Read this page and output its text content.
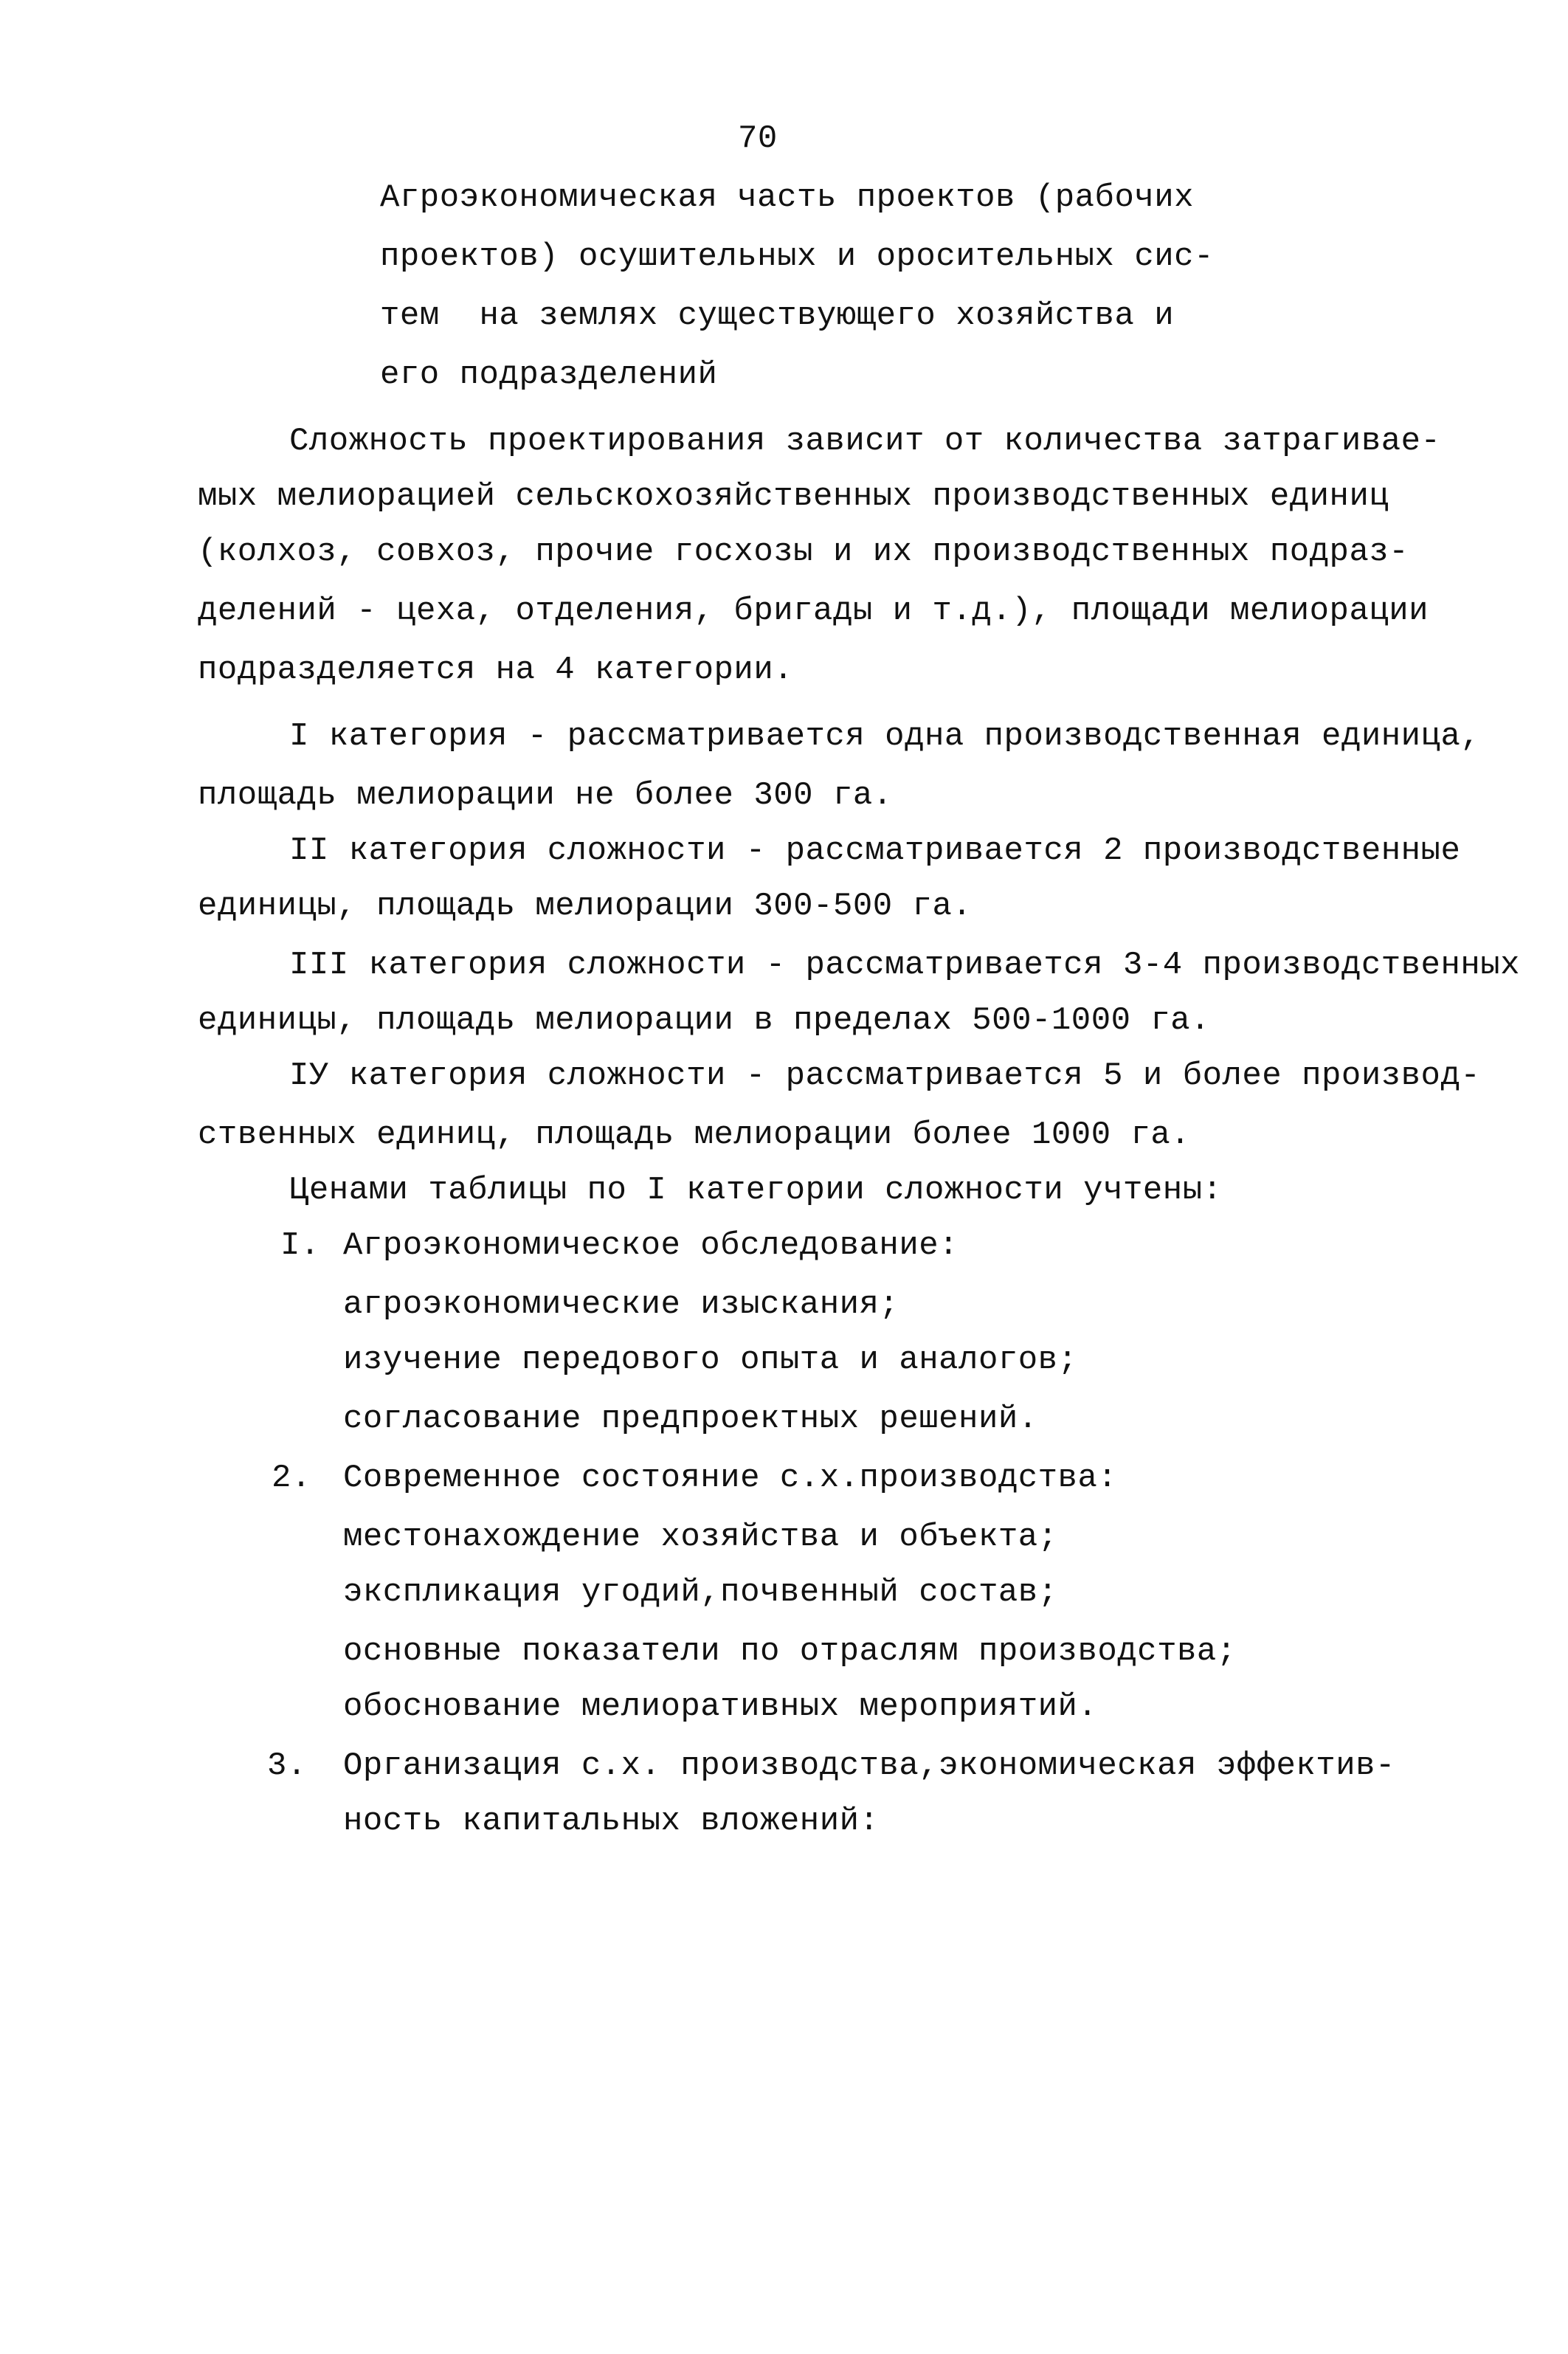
70
Агроэкономическая часть проектов (рабочих
проектов) осушительных и оросительных сис-
тем  на землях существующего хозяйства и
его подразделений
Сложность проектирования зависит от количества затрагивае-
мых мелиорацией сельскохозяйственных производственных единиц
(колхоз, совхоз, прочие госхозы и их производственных подраз-
делений - цеха, отделения, бригады и т.д.), площади мелиорации
подразделяется на 4 категории.
I категория - рассматривается одна производственная единица,
площадь мелиорации не более 300 га.
II категория сложности - рассматривается 2 производственные
единицы, площадь мелиорации 300-500 га.
III категория сложности - рассматривается 3-4 производственных
единицы, площадь мелиорации в пределах 500-1000 га.
IУ категория сложности - рассматривается 5 и более производ-
ственных единиц, площадь мелиорации более 1000 га.
Ценами таблицы по I категории сложности учтены:
I. Агроэкономическое обследование:
агроэкономические изыскания;
изучение передового опыта и аналогов;
согласование предпроектных решений.
2. Современное состояние с.х.производства:
местонахождение хозяйства и объекта;
экспликация угодий,почвенный состав;
основные показатели по отраслям производства;
обоснование мелиоративных мероприятий.
3. Организация с.х. производства,экономическая эффектив-
ность капитальных вложений:
